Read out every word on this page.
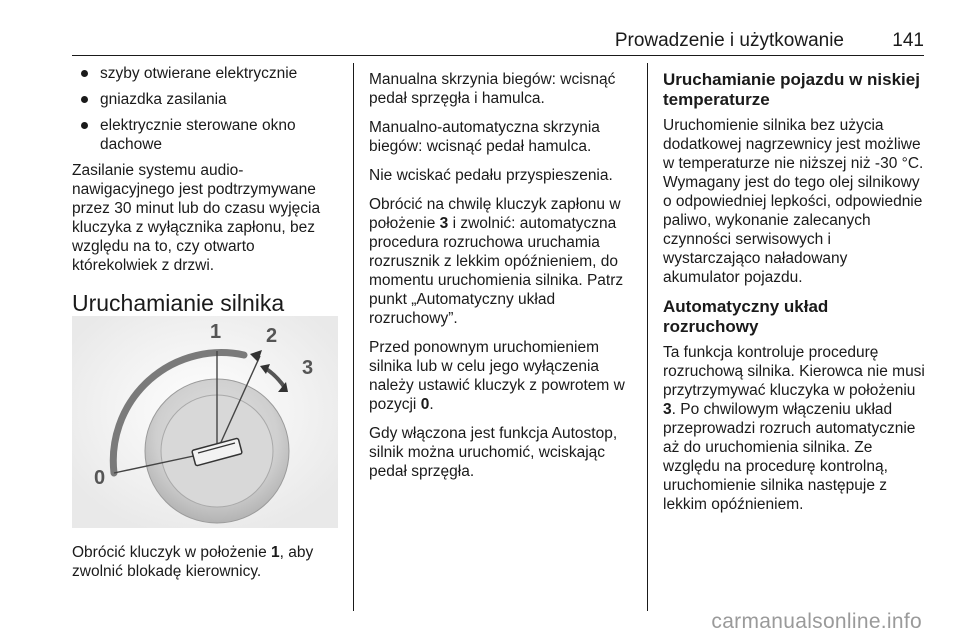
Prowadzenie i użytkowanie	141
szyby otwierane elektrycznie
gniazdka zasilania
elektrycznie sterowane okno dachowe

Zasilanie systemu audio-nawigacyjnego jest podtrzymywane przez 30 minut lub do czasu wyjęcia kluczyka z wyłącznika zapłonu, bez względu na to, czy otwarto którekolwiek z drzwi.

Uruchamianie silnika
0
1 2
3
Obrócić kluczyk w położenie 1, aby zwolnić blokadę kierownicy.

Manualna skrzynia biegów: wcisnąć pedał sprzęgła i hamulca.

Manualno-automatyczna skrzynia biegów: wcisnąć pedał hamulca.

Nie wciskać pedału przyspieszenia.

Obrócić na chwilę kluczyk zapłonu w położenie 3 i zwolnić: automatyczna procedura rozruchowa uruchamia rozrusznik z lekkim opóźnieniem, do momentu uruchomienia silnika. Patrz punkt „Automatyczny układ rozruchowy”.

Przed ponownym uruchomieniem silnika lub w celu jego wyłączenia należy ustawić kluczyk z powrotem w pozycji 0.

Gdy włączona jest funkcja Autostop, silnik można uruchomić, wciskając pedał sprzęgła.

Uruchamianie pojazdu w niskiej temperaturze

Uruchomienie silnika bez użycia dodatkowej nagrzewnicy jest możliwe w temperaturze nie niższej niż -30 °C. Wymagany jest do tego olej silnikowy o odpowiedniej lepkości, odpowiednie paliwo, wykonanie zalecanych czynności serwisowych i wystarczająco naładowany akumulator pojazdu.

Automatyczny układ rozruchowy

Ta funkcja kontroluje procedurę rozruchową silnika. Kierowca nie musi przytrzymywać kluczyka w położeniu 3. Po chwilowym włączeniu układ przeprowadzi rozruch automatycznie aż do uruchomienia silnika. Ze względu na procedurę kontrolną, uruchomienie silnika następuje z lekkim opóźnieniem.

carmanualsonline.info
